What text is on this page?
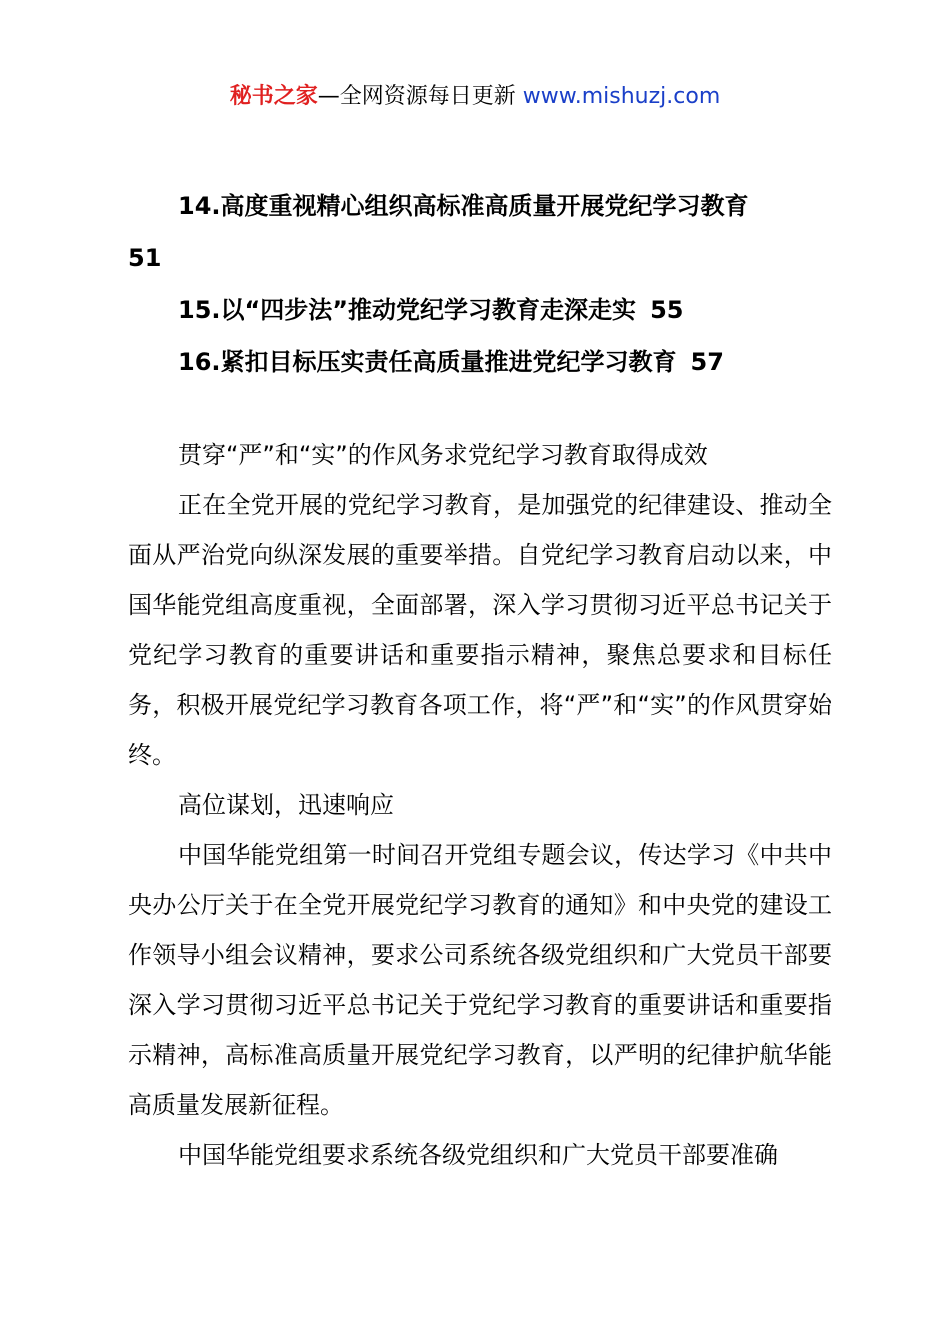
秘书之家—全网资源每日更新 www.mishuzj.com
14.高度重视精心组织高标准高质量开展党纪学习教育
51
15.以“四步法”推动党纪学习教育走深走实 55
16.紧扣目标压实责任高质量推进党纪学习教育 57

贯穿“严”和“实”的作风务求党纪学习教育取得成效

正在全党开展的党纪学习教育，是加强党的纪律建设、推动全面从严治党向纵深发展的重要举措。自党纪学习教育启动以来，中国华能党组高度重视，全面部署，深入学习贯彻习近平总书记关于党纪学习教育的重要讲话和重要指示精神，聚焦总要求和目标任务，积极开展党纪学习教育各项工作，将“严”和“实”的作风贯穿始终。

高位谋划，迅速响应

中国华能党组第一时间召开党组专题会议，传达学习《中共中央办公厅关于在全党开展党纪学习教育的通知》和中央党的建设工作领导小组会议精神，要求公司系统各级党组织和广大党员干部要深入学习贯彻习近平总书记关于党纪学习教育的重要讲话和重要指示精神，高标准高质量开展党纪学习教育，以严明的纪律护航华能高质量发展新征程。

中国华能党组要求系统各级党组织和广大党员干部要准确
